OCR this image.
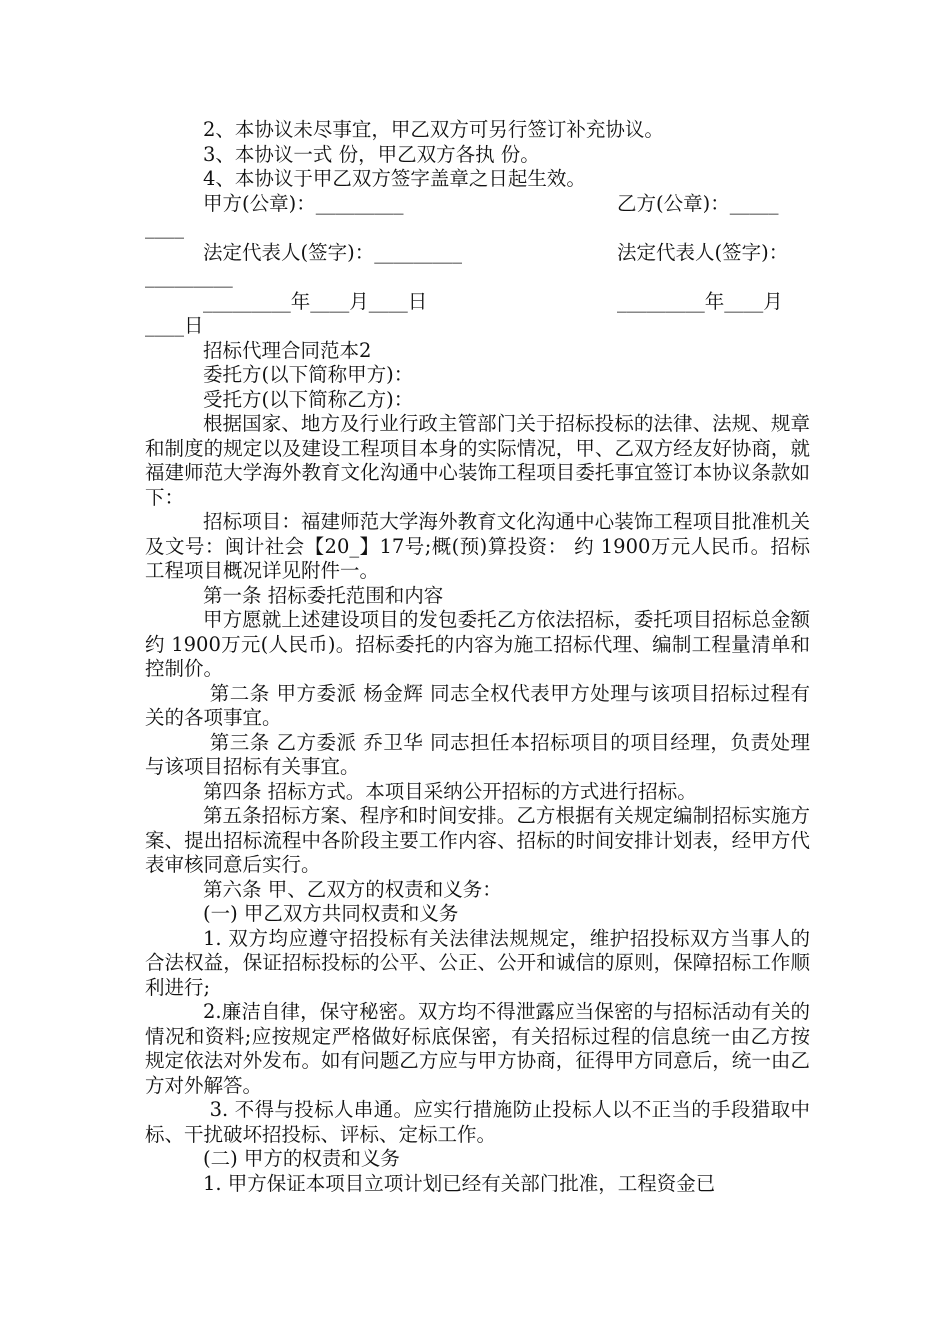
2、本协议未尽事宜，甲乙双方可另行签订补充协议。

3、本协议一式 份，甲乙双方各执 份。

4、本协议于甲乙双方签字盖章之日起生效。

甲方(公章)：_________

	乙方(公章)：_____

____

法定代表人(签字)：_________

	法定代表人(签字)：

_________

_________年____月____日

	_________年____月

____日

招标代理合同范本2

委托方(以下简称甲方)：

受托方(以下简称乙方)：

根据国家、地方及行业行政主管部门关于招标投标的法律、法规、规章和制度的规定以及建设工程项目本身的实际情况，甲、乙双方经友好协商，就福建师范大学海外教育文化沟通中心装饰工程项目委托事宜签订本协议条款如下：

招标项目：福建师范大学海外教育文化沟通中心装饰工程项目批准机关及文号：闽计社会【20_】17号;概(预)算投资： 约 1900万元人民币。招标工程项目概况详见附件一。

第一条 招标委托范围和内容

甲方愿就上述建设项目的发包委托乙方依法招标，委托项目招标总金额约 1900万元(人民币)。招标委托的内容为施工招标代理、编制工程量清单和控制价。

第二条 甲方委派 杨金辉 同志全权代表甲方处理与该项目招标过程有关的各项事宜。

第三条 乙方委派 乔卫华 同志担任本招标项目的项目经理，负责处理与该项目招标有关事宜。

第四条 招标方式。本项目采纳公开招标的方式进行招标。

第五条招标方案、程序和时间安排。乙方根据有关规定编制招标实施方案、提出招标流程中各阶段主要工作内容、招标的时间安排计划表，经甲方代表审核同意后实行。

第六条 甲、乙双方的权责和义务：

(一) 甲乙双方共同权责和义务

1. 双方均应遵守招投标有关法律法规规定，维护招投标双方当事人的合法权益，保证招标投标的公平、公正、公开和诚信的原则，保障招标工作顺利进行;

2.廉洁自律，保守秘密。双方均不得泄露应当保密的与招标活动有关的情况和资料;应按规定严格做好标底保密，有关招标过程的信息统一由乙方按规定依法对外发布。如有问题乙方应与甲方协商，征得甲方同意后，统一由乙方对外解答。

3. 不得与投标人串通。应实行措施防止投标人以不正当的手段猎取中标、干扰破坏招投标、评标、定标工作。

(二) 甲方的权责和义务

1. 甲方保证本项目立项计划已经有关部门批准，工程资金已
